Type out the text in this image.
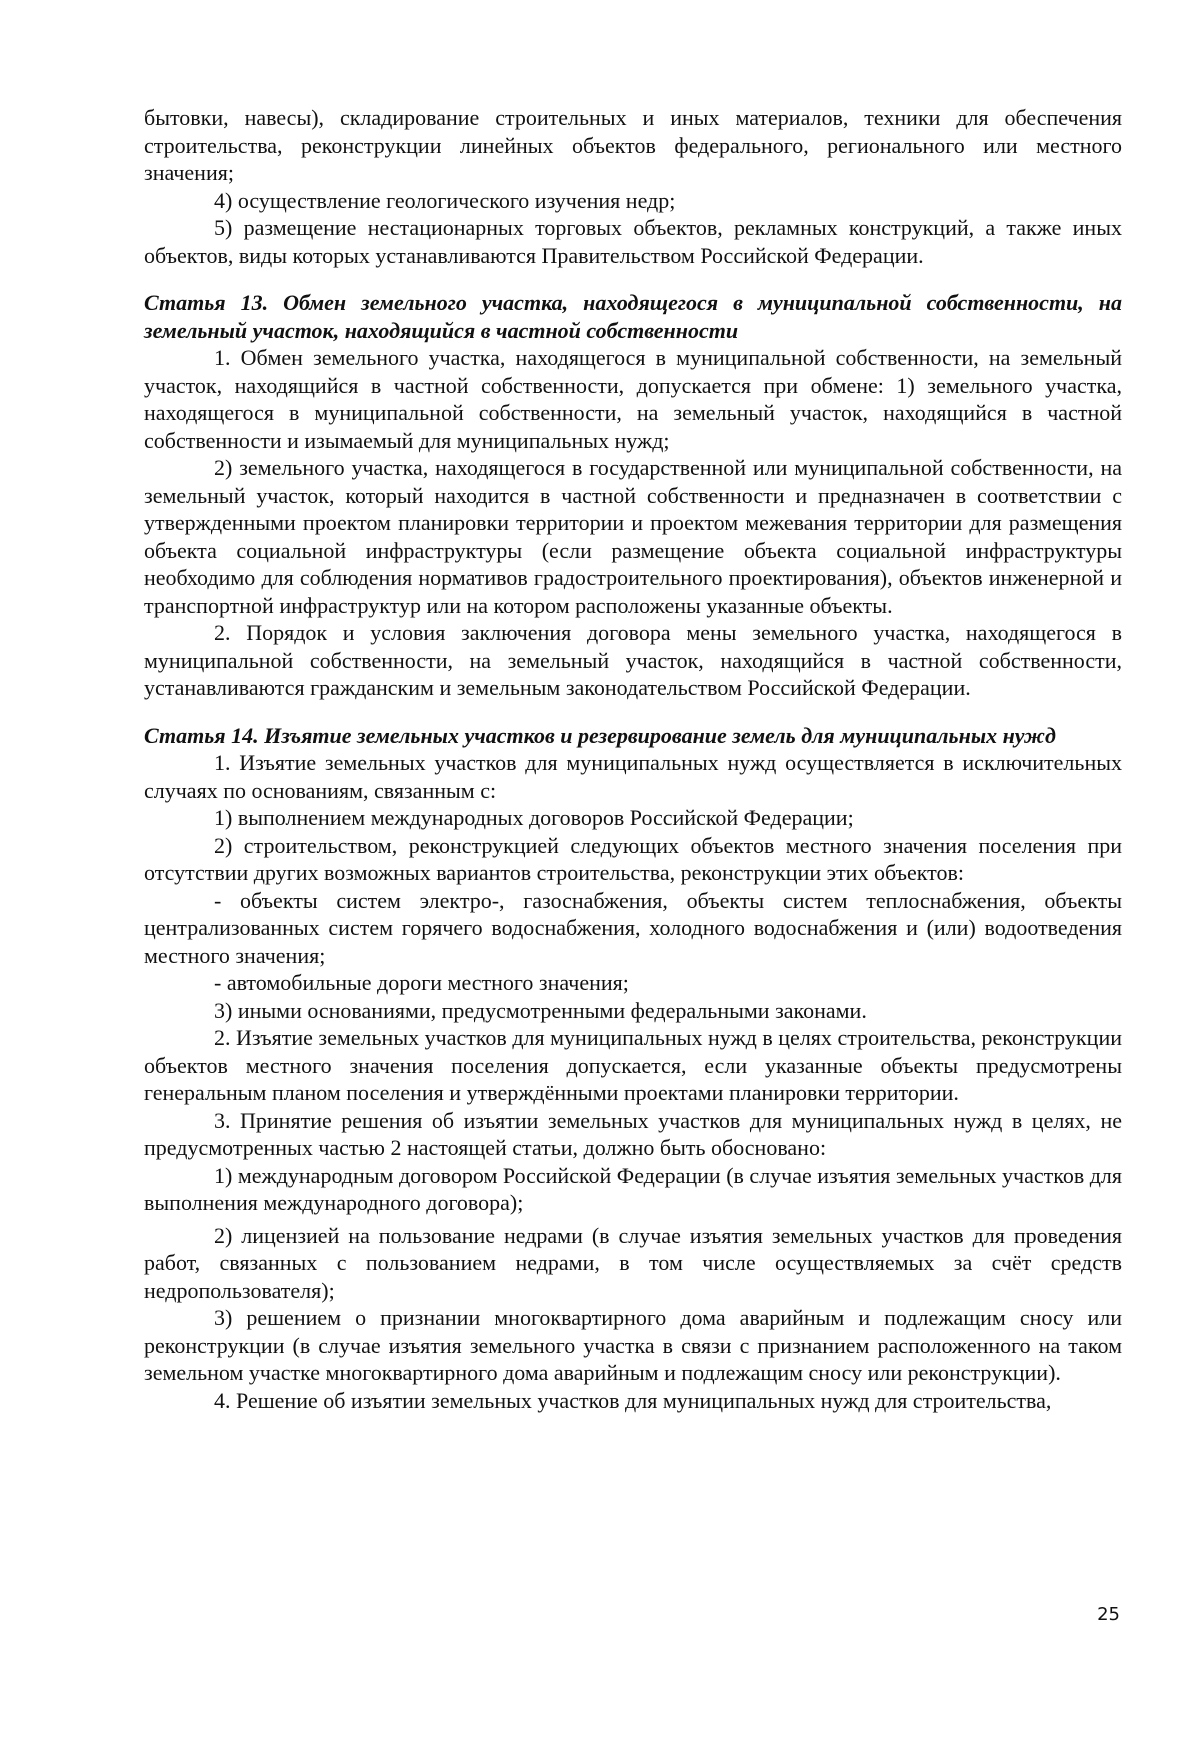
бытовки, навесы), складирование строительных и иных материалов, техники для обеспечения строительства, реконструкции линейных объектов федерального, регионального или местного значения;

4) осуществление геологического изучения недр;

5) размещение нестационарных торговых объектов, рекламных конструкций, а также иных объектов, виды которых устанавливаются Правительством Российской Федерации.

Статья 13. Обмен земельного участка, находящегося в муниципальной собственности, на земельный участок, находящийся в частной собственности

1. Обмен земельного участка, находящегося в муниципальной собственности, на земельный участок, находящийся в частной собственности, допускается при обмене: 1) земельного участка, находящегося в муниципальной собственности, на земельный участок, находящийся в частной собственности и изымаемый для муниципальных нужд;

2) земельного участка, находящегося в государственной или муниципальной собственности, на земельный участок, который находится в частной собственности и предназначен в соответствии с утвержденными проектом планировки территории и проектом межевания территории для размещения объекта социальной инфраструктуры (если размещение объекта социальной инфраструктуры необходимо для соблюдения нормативов градостроительного проектирования), объектов инженерной и транспортной инфраструктур или на котором расположены указанные объекты.

2. Порядок и условия заключения договора мены земельного участка, находящегося в муниципальной собственности, на земельный участок, находящийся в частной собственности, устанавливаются гражданским и земельным законодательством Российской Федерации.

Статья 14. Изъятие земельных участков и резервирование земель для муниципальных нужд

1. Изъятие земельных участков для муниципальных нужд осуществляется в исключительных случаях по основаниям, связанным с:

1) выполнением международных договоров Российской Федерации;

2) строительством, реконструкцией следующих объектов местного значения поселения при отсутствии других возможных вариантов строительства, реконструкции этих объектов:

- объекты систем электро-, газоснабжения, объекты систем теплоснабжения, объекты централизованных систем горячего водоснабжения, холодного водоснабжения и (или) водоотведения местного значения;

- автомобильные дороги местного значения;

3) иными основаниями, предусмотренными федеральными законами.

2. Изъятие земельных участков для муниципальных нужд в целях строительства, реконструкции объектов местного значения поселения допускается, если указанные объекты предусмотрены генеральным планом поселения и утверждёнными проектами планировки территории.

3. Принятие решения об изъятии земельных участков для муниципальных нужд в целях, не предусмотренных частью 2 настоящей статьи, должно быть обосновано:

1) международным договором Российской Федерации (в случае изъятия земельных участков для выполнения международного договора);

2) лицензией на пользование недрами (в случае изъятия земельных участков для проведения работ, связанных с пользованием недрами, в том числе осуществляемых за счёт средств недропользователя);

3) решением о признании многоквартирного дома аварийным и подлежащим сносу или реконструкции (в случае изъятия земельного участка в связи с признанием расположенного на таком земельном участке многоквартирного дома аварийным и подлежащим сносу или реконструкции).

4. Решение об изъятии земельных участков для муниципальных нужд для строительства,

25
